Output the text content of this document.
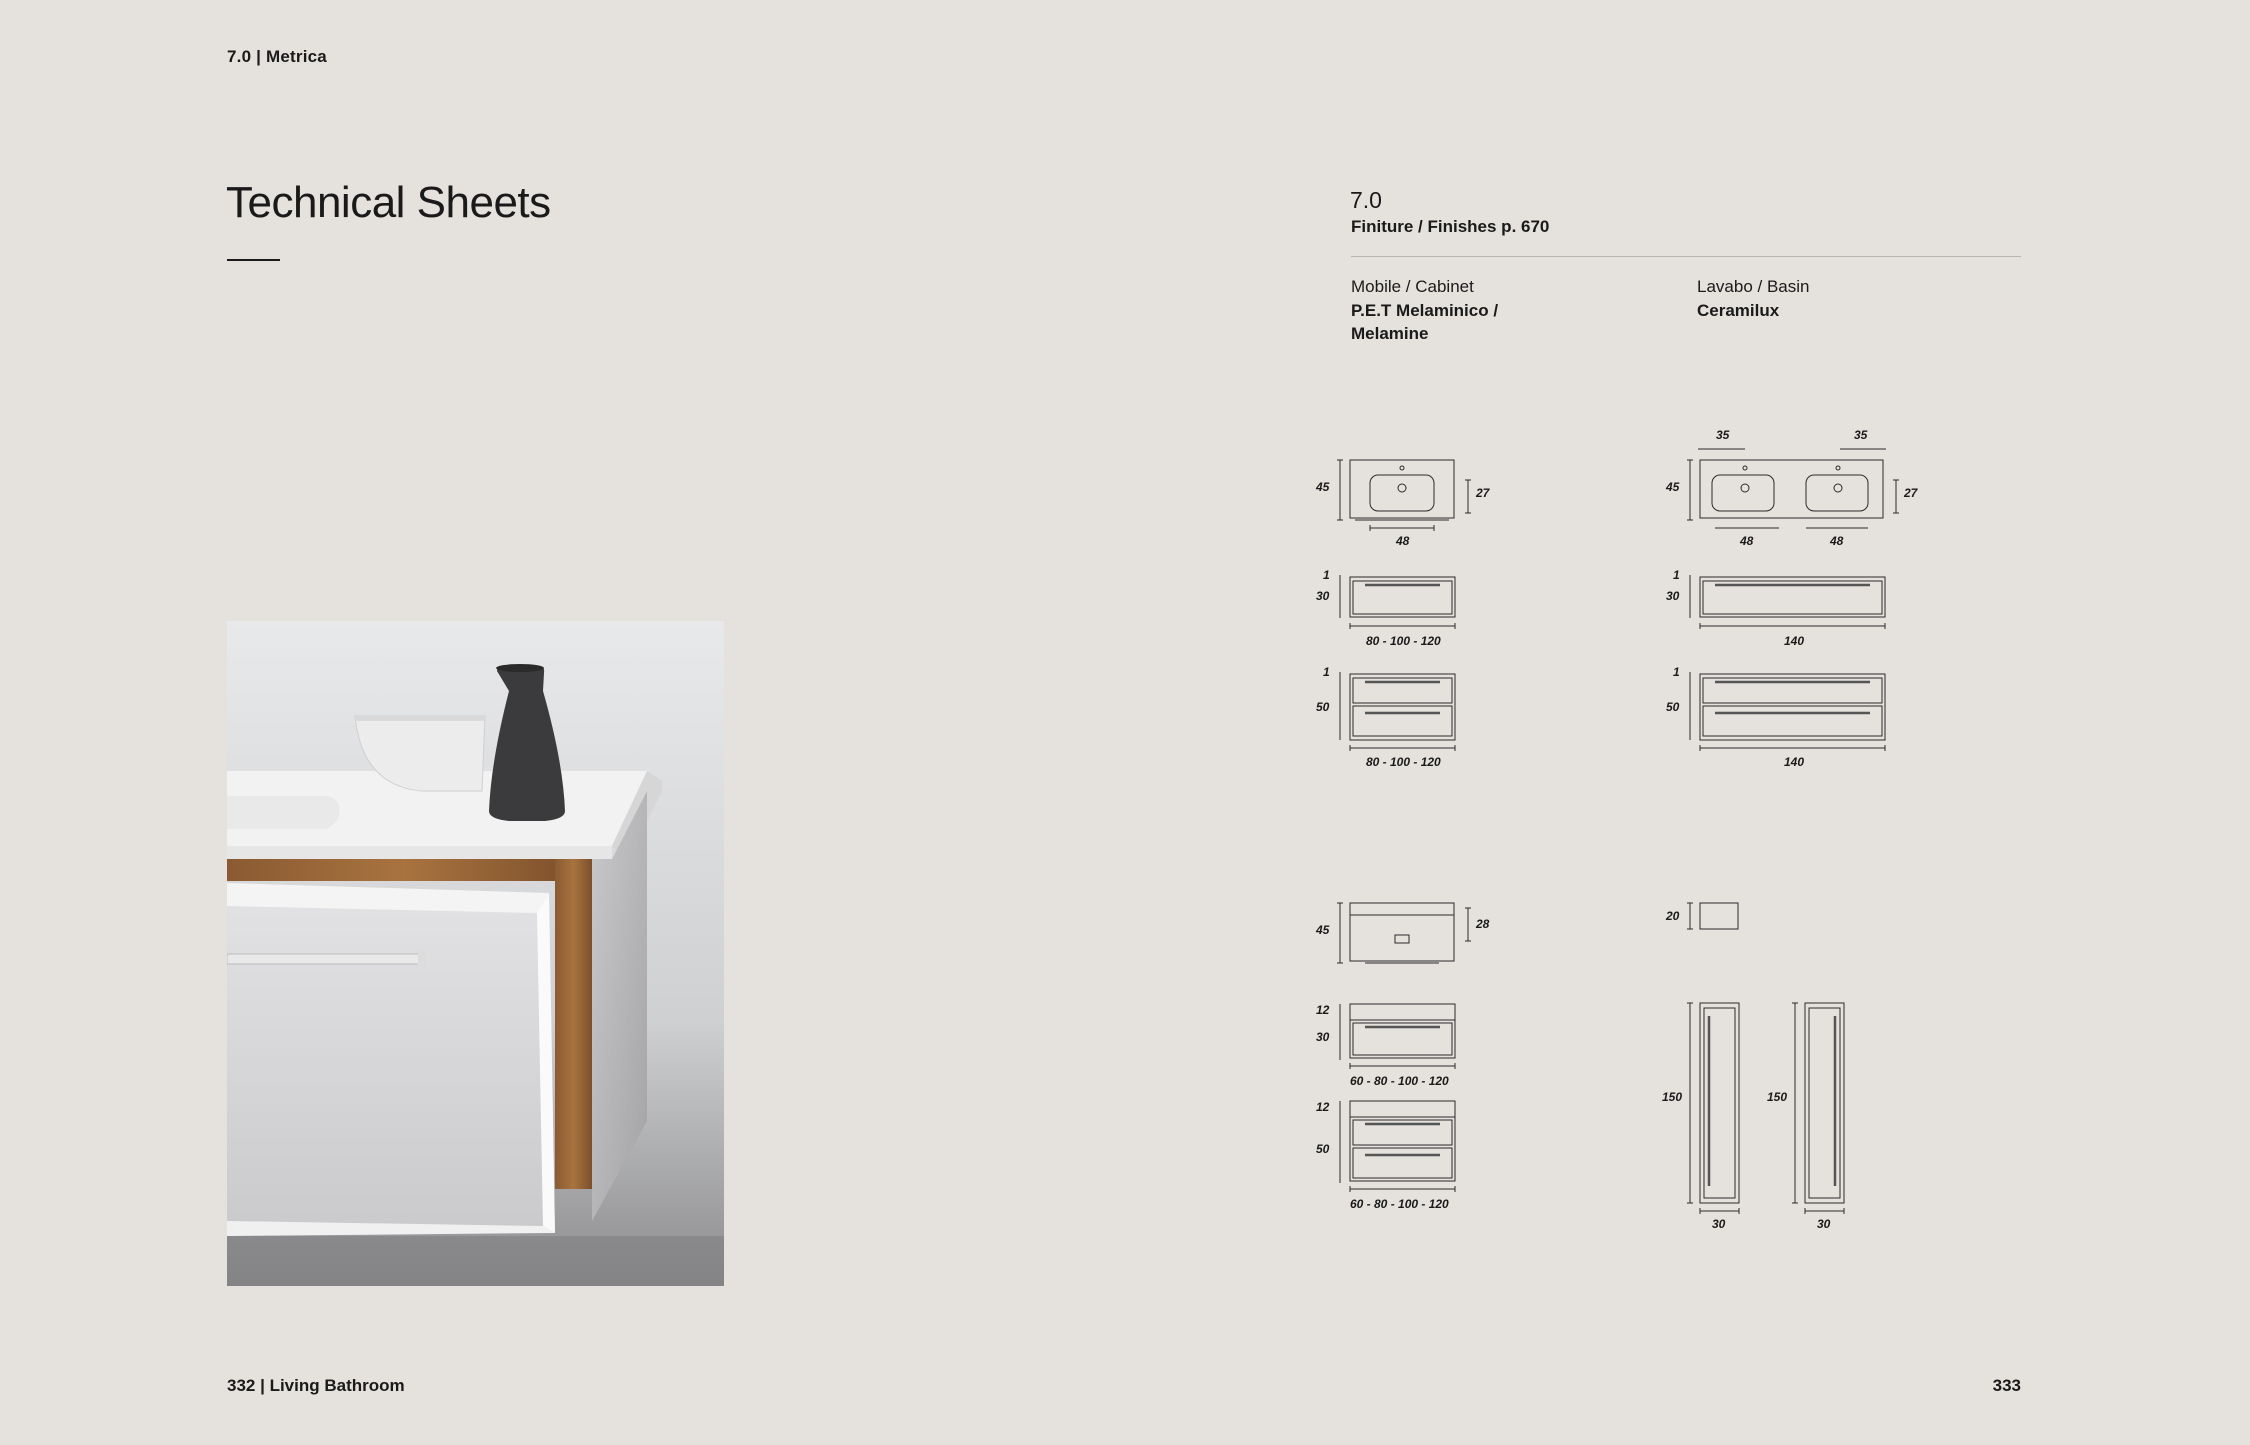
7.0 | Metrica
Technical Sheets	7.0
Finiture / Finishes p. 670
Mobile / Cabinet
P.E.T Melaminico /
Melamine
Lavabo / Basin
Ceramilux
45	27
48
35	35
45	27
48	48
1
30
80 - 100 - 120
1
50
80 - 100 - 120
1
30
140
1
50
140
45	28
20
12
30
60 - 80 - 100 - 120
12
50
60 - 80 - 100 - 120
150
30
150
30
332 | Living Bathroom	333
